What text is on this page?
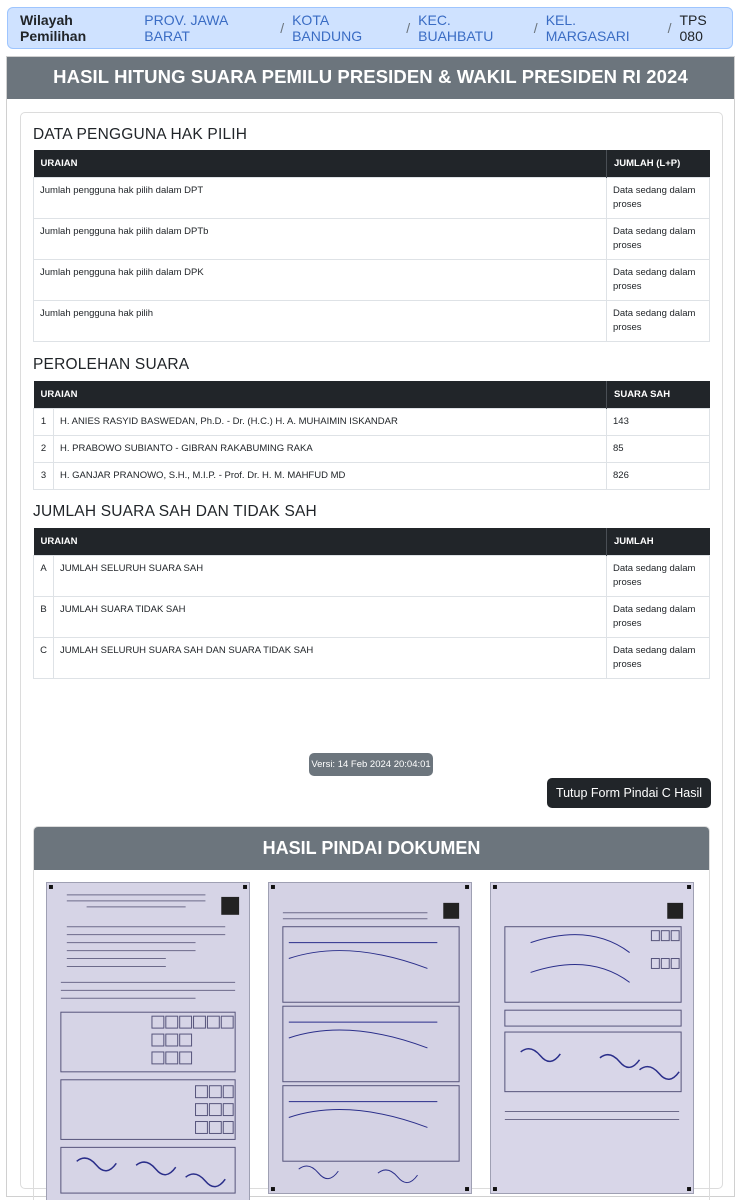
Wilayah Pemilihan
PROV. JAWA BARAT	/ KOTA BANDUNG	/ KEC. BUAHBATU	/ KEL. MARGASARI	/ TPS 080
HASIL HITUNG SUARA PEMILU PRESIDEN & WAKIL PRESIDEN RI 2024
DATA PENGGUNA HAK PILIH
URAIAN	JUMLAH (L+P)
Jumlah pengguna hak pilih dalam DPT	Data sedang dalam proses
Jumlah pengguna hak pilih dalam DPTb	Data sedang dalam proses
Jumlah pengguna hak pilih dalam DPK	Data sedang dalam proses
Jumlah pengguna hak pilih	Data sedang dalam proses
PEROLEHAN SUARA
URAIAN		SUARA SAH
1	H. ANIES RASYID BASWEDAN, Ph.D. - Dr. (H.C.) H. A. MUHAIMIN ISKANDAR	143
2	H. PRABOWO SUBIANTO - GIBRAN RAKABUMING RAKA	85
3	H. GANJAR PRANOWO, S.H., M.I.P. - Prof. Dr. H. M. MAHFUD MD	826
JUMLAH SUARA SAH DAN TIDAK SAH
URAIAN		JUMLAH
A	JUMLAH SELURUH SUARA SAH	Data sedang dalam proses
B	JUMLAH SUARA TIDAK SAH	Data sedang dalam proses
C	JUMLAH SELURUH SUARA SAH DAN SUARA TIDAK SAH	Data sedang dalam proses
Versi: 14 Feb 2024 20:04:01
Tutup Form Pindai C Hasil
HASIL PINDAI DOKUMEN
